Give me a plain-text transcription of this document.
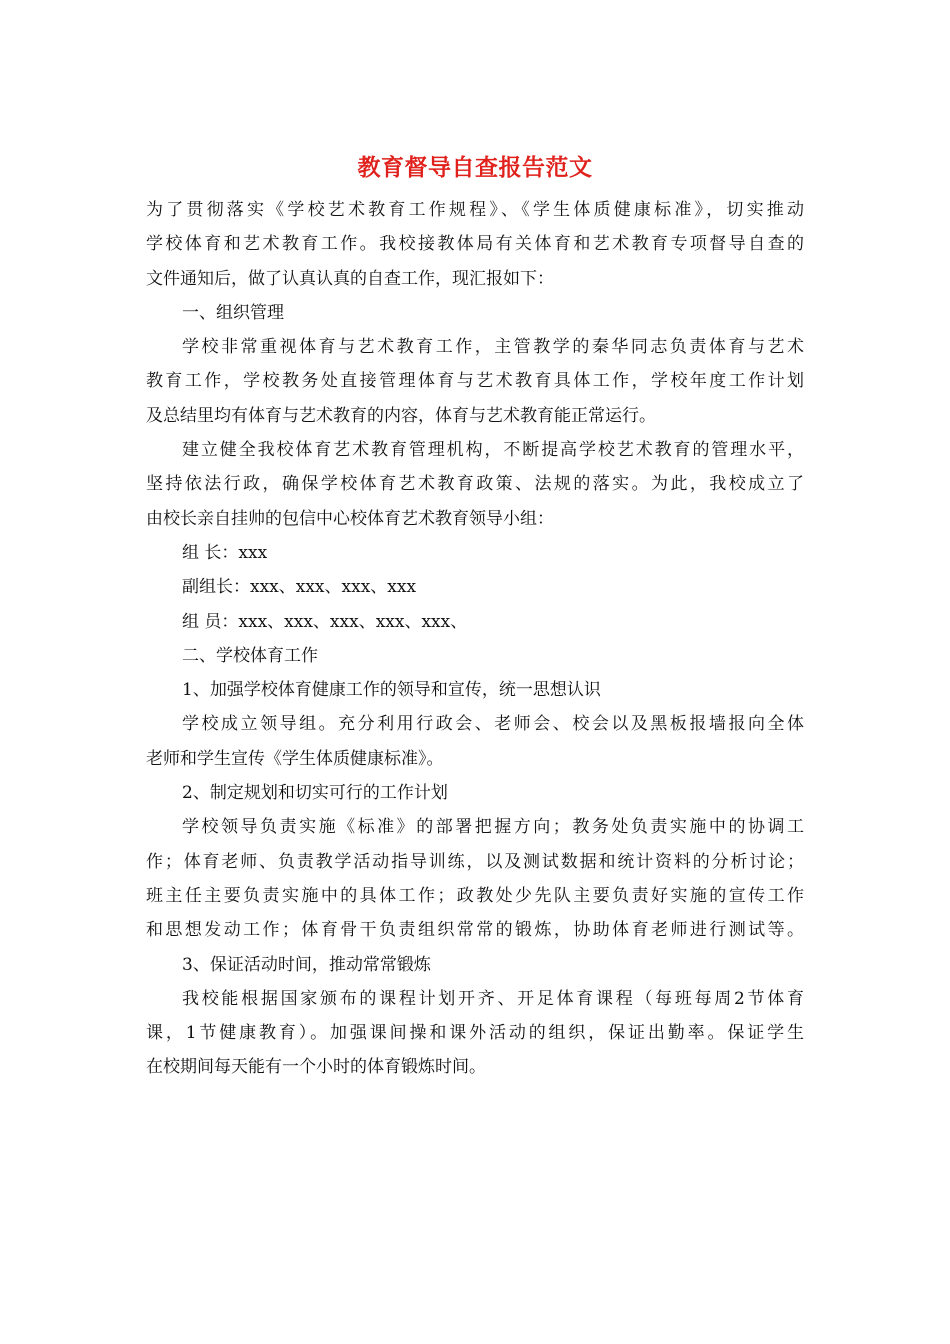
教育督导自查报告范文
为了贯彻落实《学校艺术教育工作规程》、《学生体质健康标准》，切实推动
学校体育和艺术教育工作。我校接教体局有关体育和艺术教育专项督导自查的
文件通知后，做了认真认真的自查工作，现汇报如下：
一、组织管理
学校非常重视体育与艺术教育工作，主管教学的秦华同志负责体育与艺术
教育工作，学校教务处直接管理体育与艺术教育具体工作，学校年度工作计划
及总结里均有体育与艺术教育的内容，体育与艺术教育能正常运行。
建立健全我校体育艺术教育管理机构，不断提高学校艺术教育的管理水平，
坚持依法行政，确保学校体育艺术教育政策、法规的落实。为此，我校成立了
由校长亲自挂帅的包信中心校体育艺术教育领导小组：
组 长：xxx
副组长：xxx、xxx、xxx、xxx
组 员：xxx、xxx、xxx、xxx、xxx、
二、学校体育工作
1、加强学校体育健康工作的领导和宣传，统一思想认识
学校成立领导组。充分利用行政会、老师会、校会以及黑板报墙报向全体
老师和学生宣传《学生体质健康标准》。
2、制定规划和切实可行的工作计划
学校领导负责实施《标准》的部署把握方向；教务处负责实施中的协调工
作；体育老师、负责教学活动指导训练，以及测试数据和统计资料的分析讨论；
班主任主要负责实施中的具体工作；政教处少先队主要负责好实施的宣传工作
和思想发动工作；体育骨干负责组织常常的锻炼，协助体育老师进行测试等。
3、保证活动时间，推动常常锻炼
我校能根据国家颁布的课程计划开齐、开足体育课程（每班每周2节体育
课，1节健康教育）。加强课间操和课外活动的组织，保证出勤率。保证学生
在校期间每天能有一个小时的体育锻炼时间。
